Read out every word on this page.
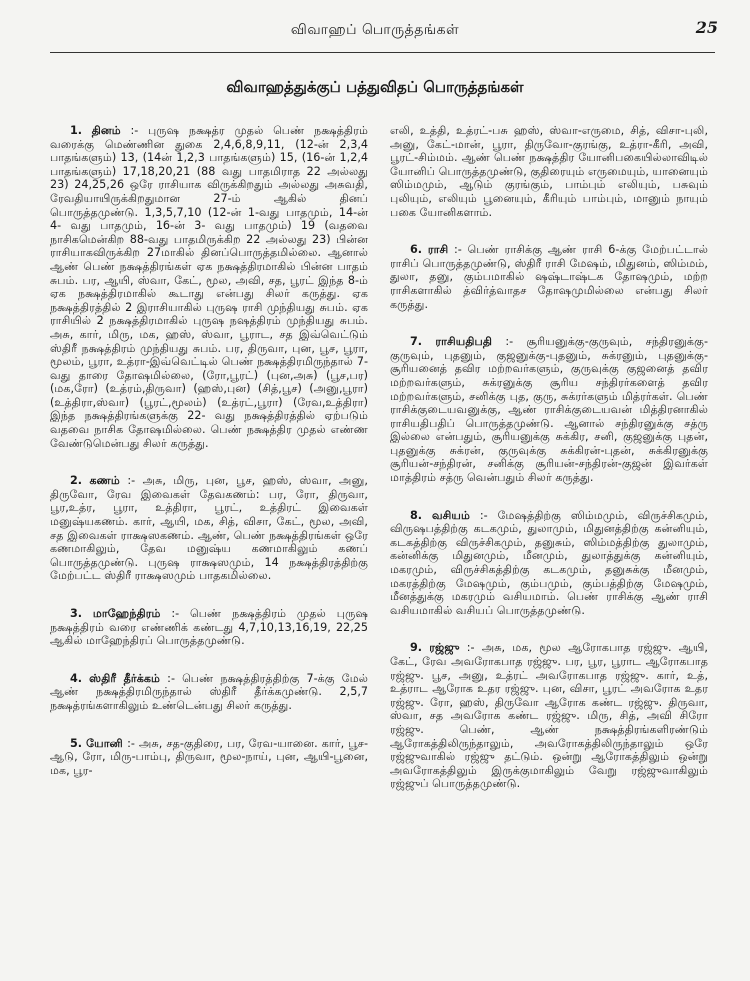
விவாஹப் பொருத்தங்கள்	25
விவாஹத்துக்குப் பத்துவிதப் பொருத்தங்கள்

1. தினம் :- புருஷ நக்ஷத்ர முதல் பெண் நக்ஷத்திரம் வரைக்கு மெண்ணின துகை 2,4,6,8,9,11, (12-ன் 2,3,4 பாதங்களும்) 13, (14ன் 1,2,3 பாதங்களும்) 15, (16-ன் 1,2,4 பாதங்களும்) 17,18,20,21 (88 வது பாதமிராத 22 அல்லது 23) 24,25,26 ஒரே ராசியாக விருக்கிறதும் அல்லது அசுவதி, ரேவதியாயிருக்கிறதுமான 27-ம் ஆகில் தினப் பொருத்தமுண்டு. 1,3,5,7,10 (12-ன் 1-வது பாதமும், 14-ன் 4- வது பாதமும், 16-ன் 3- வது பாதமும்) 19 (வதவை நாசிகமென்கிற 88-வது பாதமிருக்கிற 22 அல்லது 23) பின்ன ராசியாகவிருக்கிற 27மாகில் தினப்பொருத்தமில்லை. ஆனால் ஆண் பெண் நக்ஷத்திரங்கள் ஏக நக்ஷத்திரமாகில் பின்ன பாதம் சுபம். பர, ஆயி, ஸ்வா, கேட், மூல, அவி, சத, பூரட் இந்த 8-ம் ஏக நக்ஷத்திரமாகில் கூடாது என்பது சிலர் கருத்து. ஏக நக்ஷத்திரத்தில் 2 இராசியாகில் புருஷ ராசி முந்தியது சுபம். ஏக ராசியில் 2 நக்ஷத்திரமாகில் புருஷ நஷத்திரம் முந்தியது சுபம். அசு, கார், மிரு, மக, ஹஸ், ஸ்வா, பூராட, சத இவ்வெட்டும் ஸ்திரீ நக்ஷத்திரம் முந்தியது சுபம். பர, திருவா, புன, பூச, பூரா, மூலம், பூரா, உத்ரா-இவ்வெட்டில் பெண் நக்ஷத்திரமிருந்தால் 7-வது தாரை தோஷமில்லை, (ரோ,பூரட்) (புன,அசு) (பூச,பர) (மக,ரோ) (உத்ரம்,திருவா) (ஹஸ்,புன) (சித்,பூச) (அனு,பூரா) (உத்திரா,ஸ்வா) (பூரட்,மூலம்) (உத்ரட்,பூரா) (ரேவ,உத்திரா) இந்த நக்ஷத்திரங்களுக்கு 22- வது நக்ஷத்திரத்தில் ஏற்படும் வதவை நாசிக தோஷமில்லை. பெண் நக்ஷத்திர முதல் எண்ண வேண்டுமென்பது சிலர் கருத்து.

2. கணம் :- அசு, மிரு, புன, பூச, ஹஸ், ஸ்வா, அனு, திருவோ, ரேவ இவைகள் தேவகணம்: பர, ரோ, திருவா, பூர,உத்ர, பூரா, உத்திரா, பூரட், உத்திரட் இவைகள் மனுஷ்யகணம். கார், ஆயி, மக, சித், விசா, கேட், மூல, அவி, சத இவைகள் ராக்ஷஸகணம். ஆண், பெண் நக்ஷத்திரங்கள் ஒரே கணமாகிலும், தேவ மனுஷ்ய கணமாகிலும் கணப் பொருத்தமுண்டு. புருஷ ராக்ஷஸமும், 14 நக்ஷத்திரத்திற்கு மேற்பட்ட ஸ்திரீ ராக்ஷஸமும் பாதகமில்லை.

3. மாஹேந்திரம் :- பெண் நக்ஷத்திரம் முதல் புருஷ நக்ஷத்திரம் வரை எண்ணிக் கண்டது 4,7,10,13,16,19, 22,25 ஆகில் மாஹேந்திரப் பொருத்தமுண்டு.

4. ஸ்திரீ தீர்க்கம் :- பெண் நக்ஷத்திரத்திற்கு 7-க்கு மேல் ஆண் நக்ஷத்திரமிருந்தால் ஸ்திரீ தீர்க்கமுண்டு. 2,5,7 நக்ஷத்ரங்களாகிலும் உண்டென்பது சிலர் கருத்து.

5. யோனி :- அசு, சத-குதிரை, பர, ரேவ-யானை. கார், பூச-ஆடு, ரோ, மிரு-பாம்பு, திருவா, மூல-நாய், புன, ஆயி-பூனை, மக, பூர-

எலி, உத்தி, உத்ரட்-பசு ஹஸ், ஸ்வா-எருமை, சித், விசா-புலி, அனு, கேட்-மான், பூரா, திருவோ-குரங்கு, உத்ரா-கீரி, அவி, பூரட்-சிம்மம். ஆண் பெண் நக்ஷத்திர யோனிபகையில்லாவிடில் யோனிப் பொருத்தமுண்டு, குதிரையும் எருமையும், யானையும் ஸிம்மமும், ஆடும் குரங்கும், பாம்பும் எலியும், பசுவும் புலியும், எலியும் பூனையும், கீரியும் பாம்பும், மானும் நாயும் பகை யோனிகளாம்.

6. ராசி :- பெண் ராசிக்கு ஆண் ராசி 6-க்கு மேற்பட்டால் ராசிப் பொருத்தமுண்டு, ஸ்திரீ ராசி மேஷம், மிதுனம், ஸிம்மம், துலா, தனு, கும்பமாகில் ஷஷ்டாஷ்டக தோஷமும், மற்ற ராசிகளாகில் த்விர்த்வாதச தோஷமுமில்லை என்பது சிலர் கருத்து.

7. ராசியதிபதி :- சூரியனுக்கு-குருவும், சந்திரனுக்கு-குருவும், புதனும், குஜனுக்கு-புதனும், சுக்ரனும், புதனுக்கு-சூரியனைத் தவிர மற்றவர்களும், குருவுக்கு குஜனைத் தவிர மற்றவர்களும், சுக்ரனுக்கு சூரிய சந்திரர்களைத் தவிர மற்றவர்களும், சனிக்கு புத, குரு, சுக்ரர்களும் மித்ரர்கள். பெண் ராசிக்குடையவனுக்கு, ஆண் ராசிக்குடையவன் மித்திரனாகில் ராசியதிபதிப் பொருத்தமுண்டு. ஆனால் சந்திரனுக்கு சத்ரு இல்லை என்பதும், சூரியனுக்கு சுக்கிர, சனி, குஜனுக்கு புதன், புதனுக்கு சுக்ரன், குருவுக்கு சுக்கிரன்-புதன், சுக்கிரனுக்கு சூரியன்-சந்திரன், சனிக்கு சூரியன்-சந்திரன்-குஜன் இவர்கள் மாத்திரம் சத்ரு வென்பதும் சிலர் கருத்து.

8. வசியம் :- மேஷத்திற்கு ஸிம்மமும், விருச்சிகமும், விருஷபத்திற்கு கடகமும், துலாமும், மிதுனத்திற்கு கன்னியும், கடகத்திற்கு விருச்சிகமும், தனுசும், ஸிம்மத்திற்கு துலாமும், கன்னிக்கு மிதுனமும், மீனமும், துலாத்துக்கு கன்னியும், மகரமும், விருச்சிகத்திற்கு கடகமும், தனுசுக்கு மீனமும், மகரத்திற்கு மேஷமும், கும்பமும், கும்பத்திற்கு மேஷமும், மீனத்துக்கு மகரமும் வசியமாம். பெண் ராசிக்கு ஆண் ராசி வசியமாகில் வசியப் பொருத்தமுண்டு.

9. ரஜ்ஜு :- அசு, மக, மூல ஆரோகபாத ரஜ்ஜு. ஆயி, கேட், ரேவ அவரோகபாத ரஜ்ஜு. பர, பூர, பூராட ஆரோகபாத ரஜ்ஜு. பூச, அனு, உத்ரட் அவரோகபாத ரஜ்ஜு. கார், உத், உத்ராட ஆரோக உதர ரஜ்ஜு. புன, விசா, பூரட் அவரோக உதர ரஜ்ஜு. ரோ, ஹஸ், திருவோ ஆரோக கண்ட ரஜ்ஜு. திருவா, ஸ்வா, சத அவரோக கண்ட ரஜ்ஜு. மிரு, சித், அவி சிரோ ரஜ்ஜு. பெண், ஆண் நக்ஷத்திரங்களிரண்டும் ஆரோகத்திலிருந்தாலும், அவரோகத்திலிருந்தாலும் ஒரே ரஜ்ஜுவாகில் ரஜ்ஜு தட்டும். ஒன்று ஆரோகத்திலும் ஒன்று அவரோகத்திலும் இருக்குமாகிலும் வேறு ரஜ்ஜுவாகிலும் ரஜ்ஜுப் பொருத்தமுண்டு.
